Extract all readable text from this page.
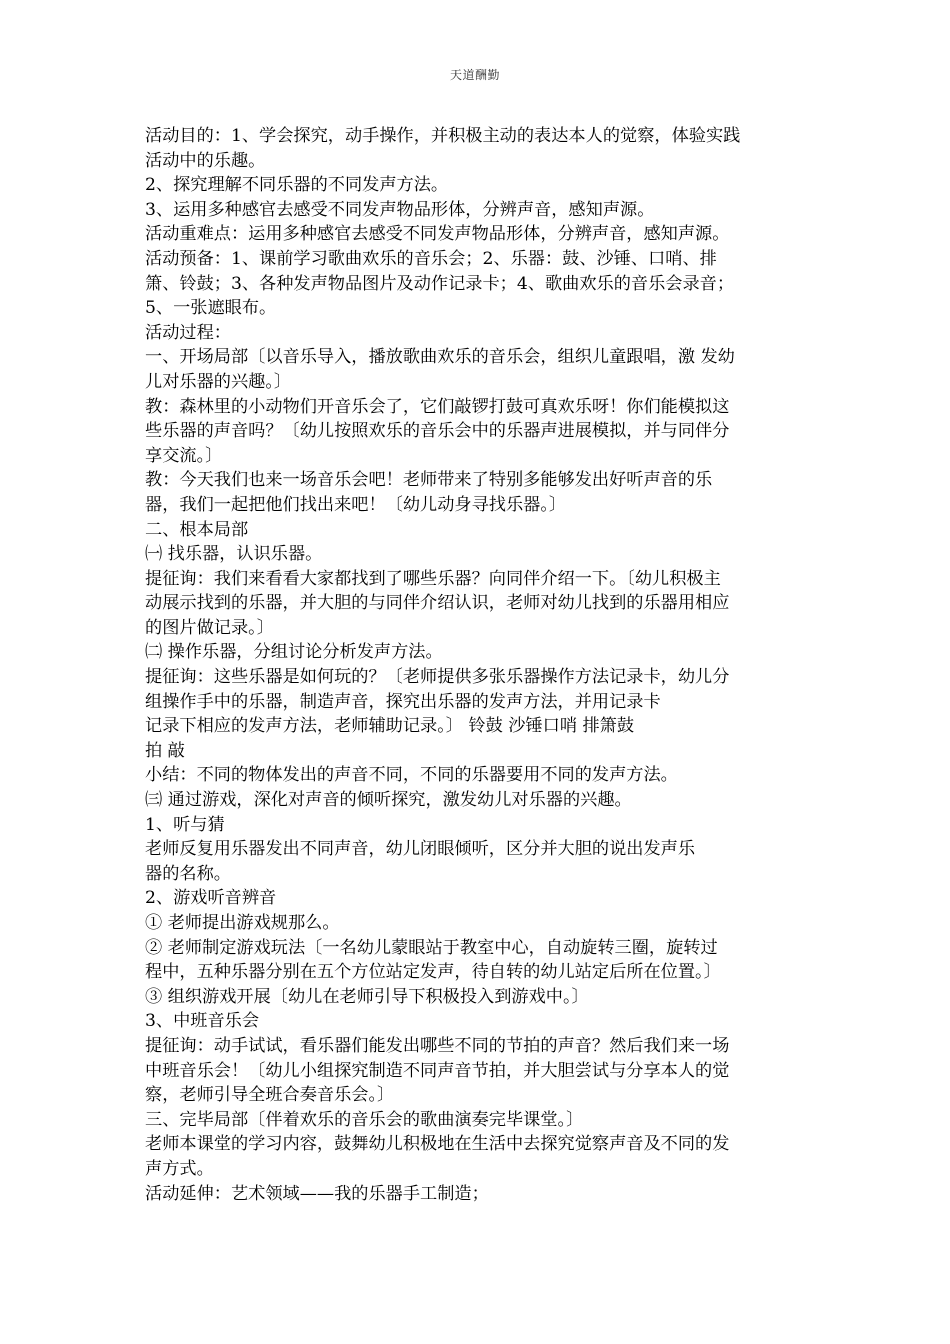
天道酬勤
活动目的：1、学会探究，动手操作，并积极主动的表达本人的觉察，体验实践
活动中的乐趣。
2、探究理解不同乐器的不同发声方法。
3、运用多种感官去感受不同发声物品形体，分辨声音，感知声源。
活动重难点：运用多种感官去感受不同发声物品形体，分辨声音，感知声源。
活动预备：1、课前学习歌曲欢乐的音乐会；2、乐器：鼓、沙锤、口哨、排
箫、铃鼓；3、各种发声物品图片及动作记录卡；4、歌曲欢乐的音乐会录音；
5、一张遮眼布。
活动过程：
一、开场局部〔以音乐导入，播放歌曲欢乐的音乐会，组织儿童跟唱，激 发幼
儿对乐器的兴趣。〕
教：森林里的小动物们开音乐会了，它们敲锣打鼓可真欢乐呀！你们能模拟这
些乐器的声音吗？〔幼儿按照欢乐的音乐会中的乐器声进展模拟，并与同伴分
享交流。〕
教：今天我们也来一场音乐会吧！老师带来了特别多能够发出好听声音的乐
器，我们一起把他们找出来吧！〔幼儿动身寻找乐器。〕
二、根本局部
㈠ 找乐器，认识乐器。
提征询：我们来看看大家都找到了哪些乐器？向同伴介绍一下。〔幼儿积极主
动展示找到的乐器，并大胆的与同伴介绍认识，老师对幼儿找到的乐器用相应
的图片做记录。〕
㈡ 操作乐器，分组讨论分析发声方法。
提征询：这些乐器是如何玩的？〔老师提供多张乐器操作方法记录卡，幼儿分
组操作手中的乐器，制造声音，探究出乐器的发声方法，并用记录卡
记录下相应的发声方法，老师辅助记录。〕 铃鼓 沙锤口哨 排箫鼓
拍 敲
小结：不同的物体发出的声音不同，不同的乐器要用不同的发声方法。
㈢ 通过游戏，深化对声音的倾听探究，激发幼儿对乐器的兴趣。
1、听与猜
老师反复用乐器发出不同声音，幼儿闭眼倾听，区分并大胆的说出发声乐
器的名称。
2、游戏听音辨音
① 老师提出游戏规那么。
② 老师制定游戏玩法〔一名幼儿蒙眼站于教室中心，自动旋转三圈，旋转过
程中，五种乐器分别在五个方位站定发声，待自转的幼儿站定后所在位置。〕
③ 组织游戏开展〔幼儿在老师引导下积极投入到游戏中。〕
3、中班音乐会
提征询：动手试试，看乐器们能发出哪些不同的节拍的声音？然后我们来一场
中班音乐会！〔幼儿小组探究制造不同声音节拍，并大胆尝试与分享本人的觉
察，老师引导全班合奏音乐会。〕
三、完毕局部〔伴着欢乐的音乐会的歌曲演奏完毕课堂。〕
老师本课堂的学习内容，鼓舞幼儿积极地在生活中去探究觉察声音及不同的发
声方式。
活动延伸：艺术领域——我的乐器手工制造；
